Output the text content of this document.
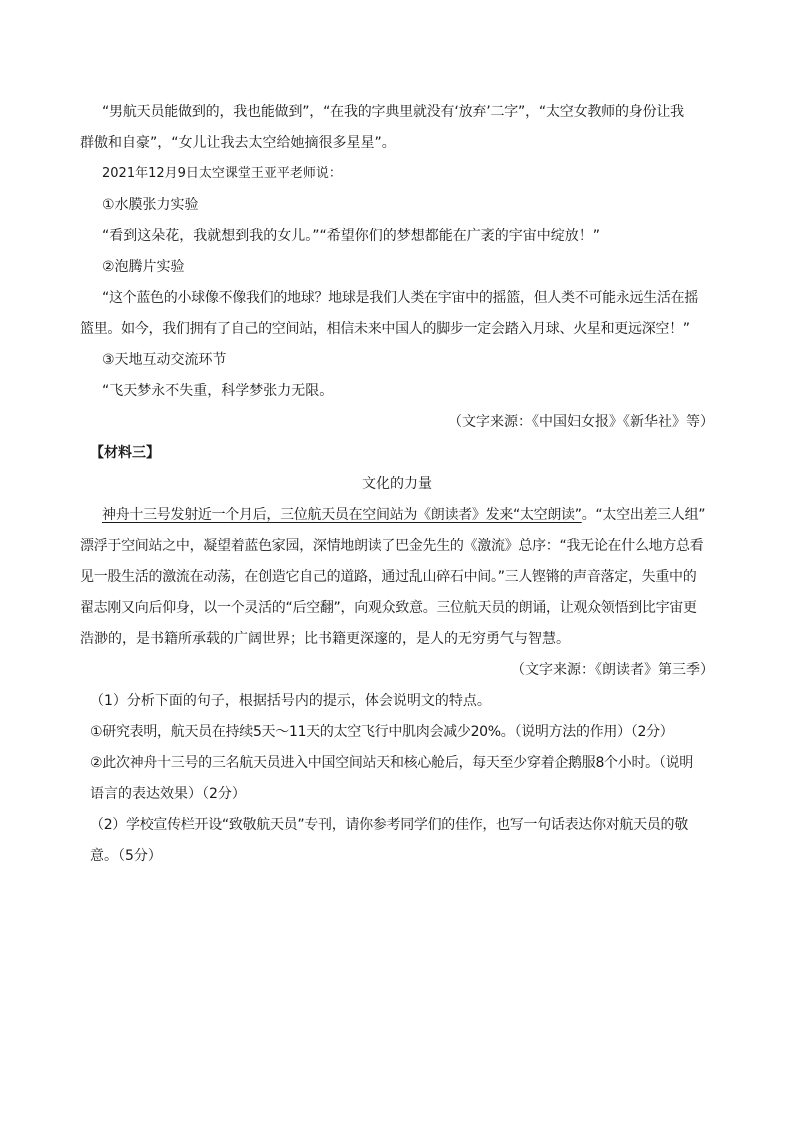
“男航天员能做到的，我也能做到”，“在我的字典里就没有‘放弃’二字”，“太空女教师的身份让我
群傲和自豪”，“女儿让我去太空给她摘很多星星”。
2021年12月9日太空课堂王亚平老师说：
①水膜张力实验
“看到这朵花，我就想到我的女儿。”“希望你们的梦想都能在广袤的宇宙中绽放！”
②泡腾片实验
“这个蓝色的小球像不像我们的地球？地球是我们人类在宇宙中的摇篮，但人类不可能永远生活在摇
篮里。如今，我们拥有了自己的空间站，相信未来中国人的脚步一定会踏入月球、火星和更远深空！”
③天地互动交流环节
“飞天梦永不失重，科学梦张力无限。
（文字来源：《中国妇女报》《新华社》等）
【材料三】
文化的力量
神舟十三号发射近一个月后，三位航天员在空间站为《朗读者》发来“太空朗读”。“太空出差三人组”
漂浮于空间站之中，凝望着蓝色家园，深情地朗读了巴金先生的《激流》总序：“我无论在什么地方总看
见一股生活的激流在动荡，在创造它自己的道路，通过乱山碎石中间。”三人铿锵的声音落定，失重中的
翟志刚又向后仰身，以一个灵活的“后空翻”，向观众致意。三位航天员的朗诵，让观众领悟到比宇宙更
浩渺的，是书籍所承载的广阔世界；比书籍更深邃的，是人的无穷勇气与智慧。
（文字来源：《朗读者》第三季）
（1）分析下面的句子，根据括号内的提示，体会说明文的特点。
①研究表明，航天员在持续5天～11天的太空飞行中肌肉会减少20%。（说明方法的作用）（2分）
②此次神舟十三号的三名航天员进入中国空间站天和核心舱后，每天至少穿着企鹅服8个小时。（说明
语言的表达效果）（2分）
（2）学校宣传栏开设“致敬航天员”专刊，请你参考同学们的佳作，也写一句话表达你对航天员的敬
意。（5分）
